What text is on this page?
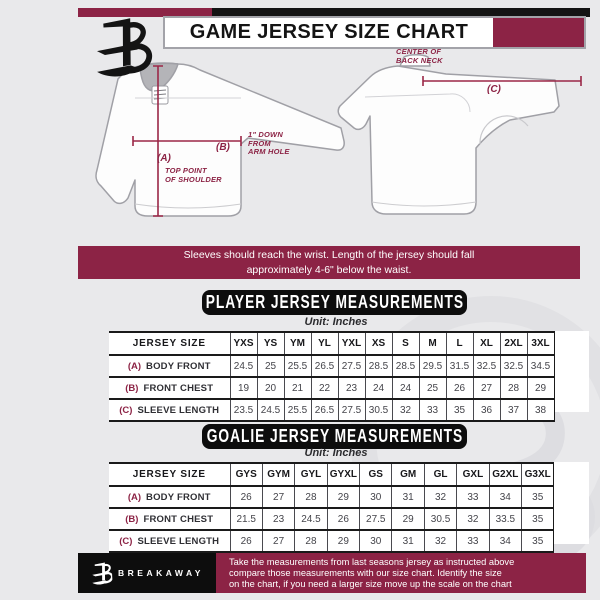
GAME JERSEY SIZE CHART
CENTER OF
BACK NECK
(C)
(B)
1" DOWN
FROM
ARM HOLE
(A)
TOP POINT
OF SHOULDER
Sleeves should reach the wrist. Length of the jersey should fall
approximately 4-6" below the waist.
PLAYER JERSEY MEASUREMENTS
Unit: Inches
JERSEY SIZE	YXS	YS	YM	YL	YXL	XS	S	M	L	XL	2XL	3XL
(A) BODY FRONT	24.5	25	25.5	26.5	27.5	28.5	28.5	29.5	31.5	32.5	32.5	34.5
(B) FRONT CHEST	19	20	21	22	23	24	24	25	26	27	28	29
(C) SLEEVE LENGTH	23.5	24.5	25.5	26.5	27.5	30.5	32	33	35	36	37	38
GOALIE JERSEY MEASUREMENTS
Unit: Inches
JERSEY SIZE	GYS	GYM	GYL	GYXL	GS	GM	GL	GXL	G2XL	G3XL
(A) BODY FRONT	26	27	28	29	30	31	32	33	34	35
(B) FRONT CHEST	21.5	23	24.5	26	27.5	29	30.5	32	33.5	35
(C) SLEEVE LENGTH	26	27	28	29	30	31	32	33	34	35
BREAKAWAY
Take the measurements from last seasons jersey as instructed above
compare those measurements with our size chart. Identify the size
on the chart, if you need a larger size move up the scale on the chart
